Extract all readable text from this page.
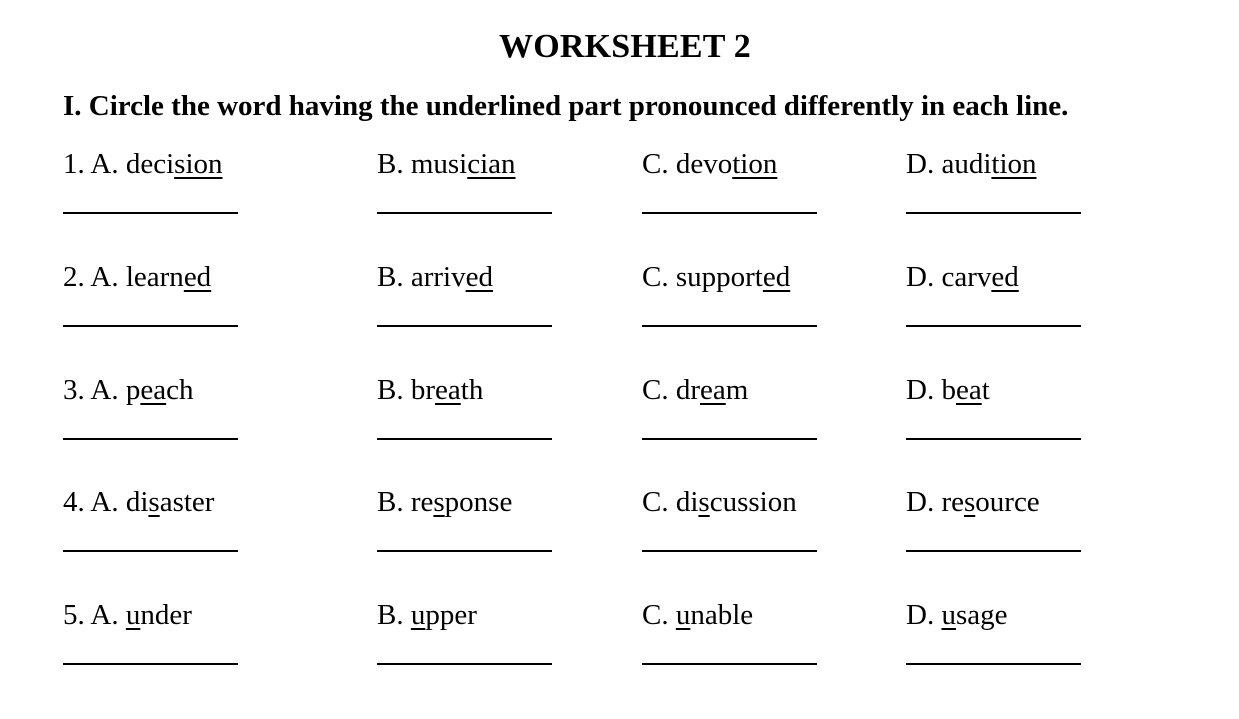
WORKSHEET 2
I. Circle the word having the underlined part pronounced differently in each line.
1. A. decision	B. musician	C. devotion	D. audition
2. A. learned	B. arrived	C. supported	D. carved
3. A. peach	B. breath	C. dream	D. beat
4. A. disaster	B. response	C. discussion	D. resource
5. A. under	B. upper	C. unable	D. usage
